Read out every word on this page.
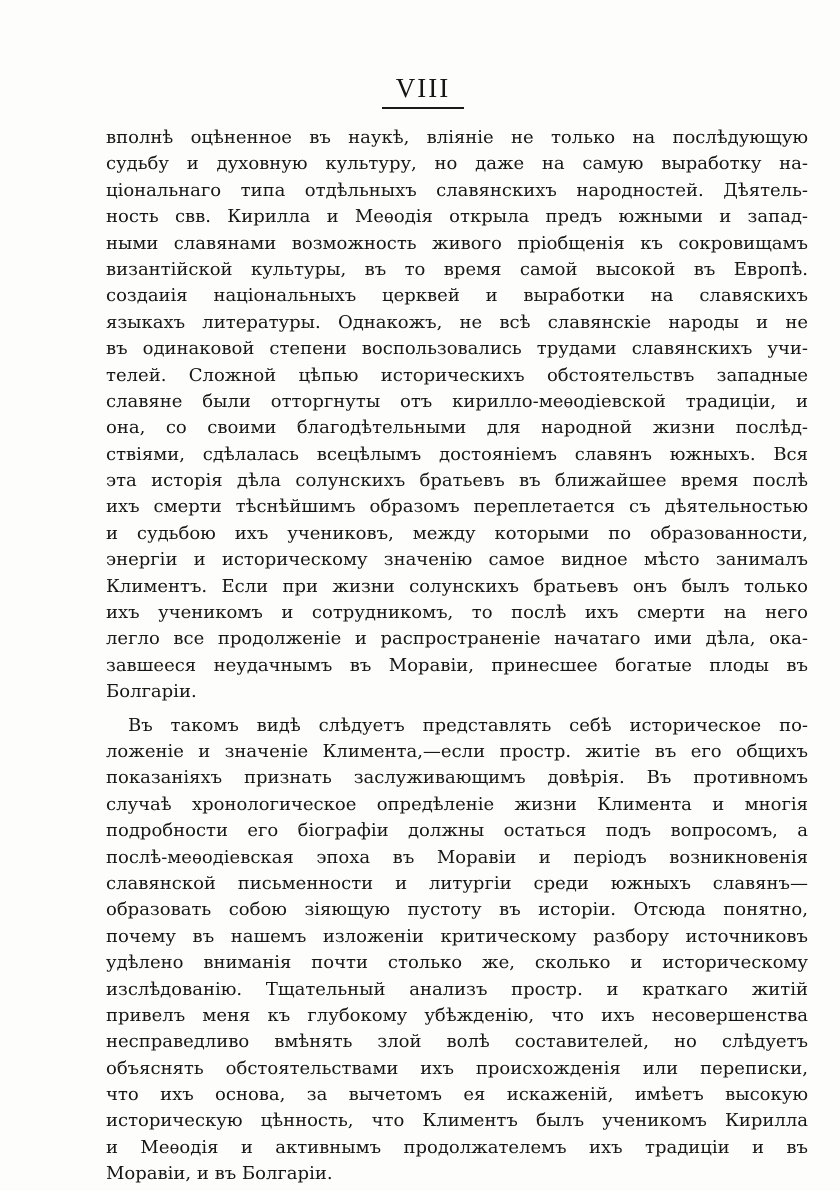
VIII
вполнѣ оцѣненное въ наукѣ, вліяніе не только на послѣдующую
судьбу и духовную культуру, но даже на самую выработку на-
ціональнаго типа отдѣльныхъ славянскихъ народностей. Дѣятель-
ность свв. Кирилла и Меѳодія открыла предъ южными и запад-
ными славянами возможность живого пріобщенія къ сокровищамъ
византійской культуры, въ то время самой высокой въ Европѣ.
создаиія національныхъ церквей и выработки на славяскихъ
языкахъ литературы. Однакожъ, не всѣ славянскіе народы и не
въ одинаковой степени воспользовались трудами славянскихъ учи-
телей. Сложной цѣпью историческихъ обстоятельствъ западные
славяне были отторгнуты отъ кирилло-меѳодіевской традиціи, и
она, со своими благодѣтельными для народной жизни послѣд-
ствіями, сдѣлалась всецѣлымъ достояніемъ славянъ южныхъ. Вся
эта исторія дѣла солунскихъ братьевъ въ ближайшее время послѣ
ихъ смерти тѣснѣйшимъ образомъ переплетается съ дѣятельностью
и судьбою ихъ учениковъ, между которыми по образованности,
энергіи и историческому значенію самое видное мѣсто занималъ
Климентъ. Если при жизни солунскихъ братьевъ онъ былъ только
ихъ ученикомъ и сотрудникомъ, то послѣ ихъ смерти на него
легло все продолженіе и распространеніе начатаго ими дѣла, ока-
завшееся неудачнымъ въ Моравіи, принесшее богатые плоды въ
Болгаріи.
Въ такомъ видѣ слѣдуетъ представлять себѣ историческое по-
ложеніе и значеніе Климента,—если простр. житіе въ его общихъ
показаніяхъ признать заслуживающимъ довѣрія. Въ противномъ
случаѣ хронологическое опредѣленіе жизни Климента и многія
подробности его біографіи должны остаться подъ вопросомъ, а
послѣ-меѳодіевская эпоха въ Моравіи и періодъ возникновенія
славянской письменности и литургіи среди южныхъ славянъ—
образовать собою зіяющую пустоту въ исторіи. Отсюда понятно,
почему въ нашемъ изложеніи критическому разбору источниковъ
удѣлено вниманія почти столько же, сколько и историческому
изслѣдованію. Тщательный анализъ простр. и краткаго житій
привелъ меня къ глубокому убѣжденію, что ихъ несовершенства
несправедливо вмѣнять злой волѣ составителей, но слѣдуетъ
объяснять обстоятельствами ихъ происхожденія или переписки,
что ихъ основа, за вычетомъ ея искаженій, имѣетъ высокую
историческую цѣнность, что Климентъ былъ ученикомъ Кирилла
и Меѳодія и активнымъ продолжателемъ ихъ традиціи и въ
Моравіи, и въ Болгаріи.
